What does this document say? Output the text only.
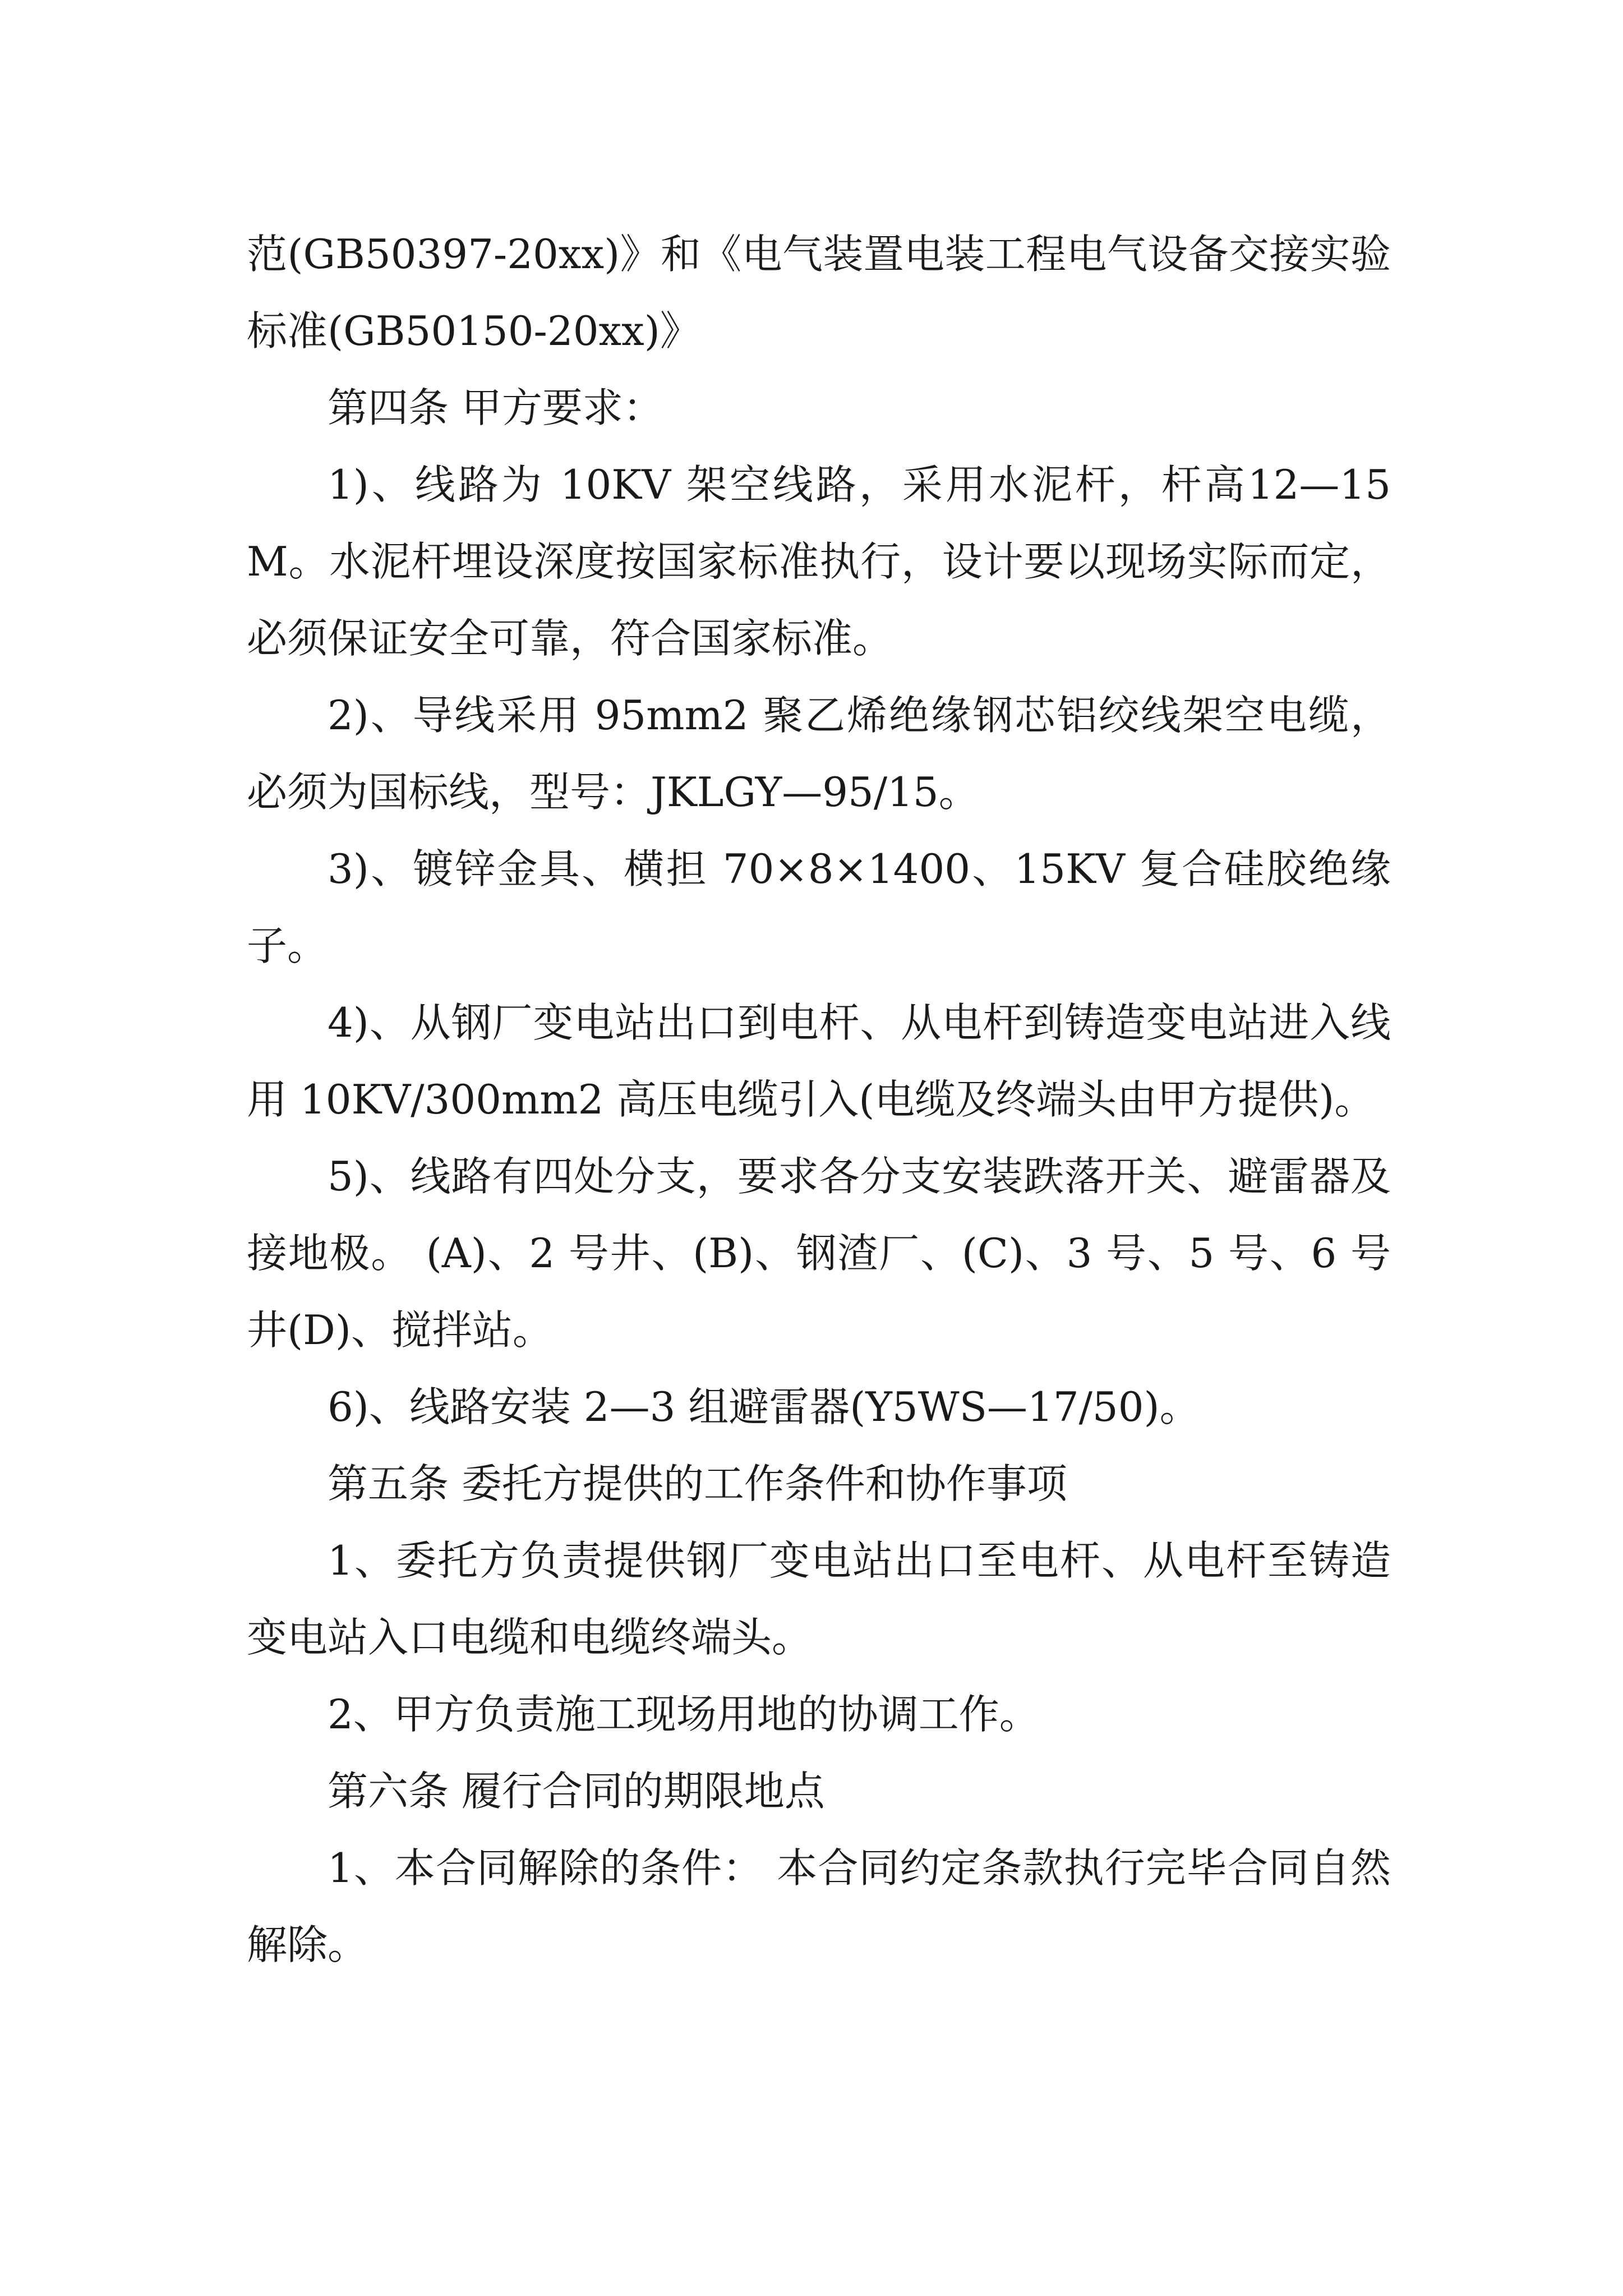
范(GB50397-20xx)》和《电气装置电装工程电气设备交接实验标准(GB50150-20xx)》

第四条 甲方要求：

1)、线路为 10KV 架空线路，采用水泥杆，杆高12—15M。水泥杆埋设深度按国家标准执行，设计要以现场实际而定，必须保证安全可靠，符合国家标准。

2)、导线采用 95mm2 聚乙烯绝缘钢芯铝绞线架空电缆，必须为国标线，型号：JKLGY—95/15。

3)、镀锌金具、横担 70×8×1400、15KV 复合硅胶绝缘子。

4)、从钢厂变电站出口到电杆、从电杆到铸造变电站进入线用 10KV/300mm2 高压电缆引入(电缆及终端头由甲方提供)。

5)、线路有四处分支，要求各分支安装跌落开关、避雷器及接地极。 (A)、2 号井、(B)、钢渣厂、(C)、3 号、5 号、6 号井(D)、搅拌站。

6)、线路安装 2—3 组避雷器(Y5WS—17/50)。

第五条 委托方提供的工作条件和协作事项

1、委托方负责提供钢厂变电站出口至电杆、从电杆至铸造变电站入口电缆和电缆终端头。

2、甲方负责施工现场用地的协调工作。

第六条 履行合同的期限地点

1、本合同解除的条件： 本合同约定条款执行完毕合同自然解除。
